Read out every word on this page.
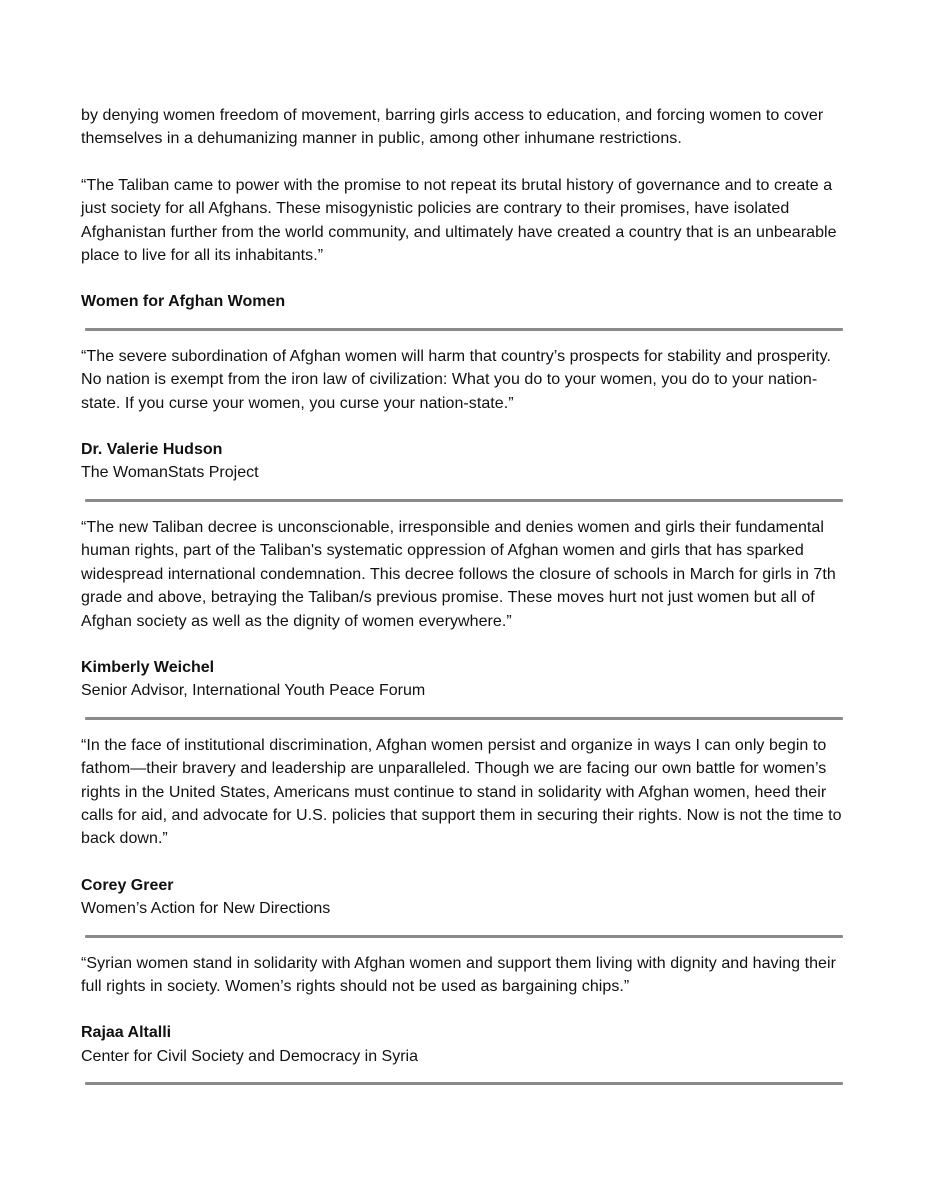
by denying women freedom of movement, barring girls access to education, and forcing women to cover themselves in a dehumanizing manner in public, among other inhumane restrictions.

“The Taliban came to power with the promise to not repeat its brutal history of governance and to create a just society for all Afghans. These misogynistic policies are contrary to their promises, have isolated Afghanistan further from the world community, and ultimately have created a country that is an unbearable place to live for all its inhabitants.”

Women for Afghan Women

“The severe subordination of Afghan women will harm that country’s prospects for stability and prosperity. No nation is exempt from the iron law of civilization: What you do to your women, you do to your nation-state. If you curse your women, you curse your nation-state.”

Dr. Valerie Hudson

The WomanStats Project

“The new Taliban decree is unconscionable, irresponsible and denies women and girls their fundamental human rights, part of the Taliban's systematic oppression of Afghan women and girls that has sparked widespread international condemnation. This decree follows the closure of schools in March for girls in 7th grade and above, betraying the Taliban/s previous promise. These moves hurt not just women but all of Afghan society as well as the dignity of women everywhere.”

Kimberly Weichel

Senior Advisor, International Youth Peace Forum

“In the face of institutional discrimination, Afghan women persist and organize in ways I can only begin to fathom—their bravery and leadership are unparalleled. Though we are facing our own battle for women’s rights in the United States, Americans must continue to stand in solidarity with Afghan women, heed their calls for aid, and advocate for U.S. policies that support them in securing their rights. Now is not the time to back down.”

Corey Greer

Women’s Action for New Directions

“Syrian women stand in solidarity with Afghan women and support them living with dignity and having their full rights in society. Women’s rights should not be used as bargaining chips.”

Rajaa Altalli

Center for Civil Society and Democracy in Syria
